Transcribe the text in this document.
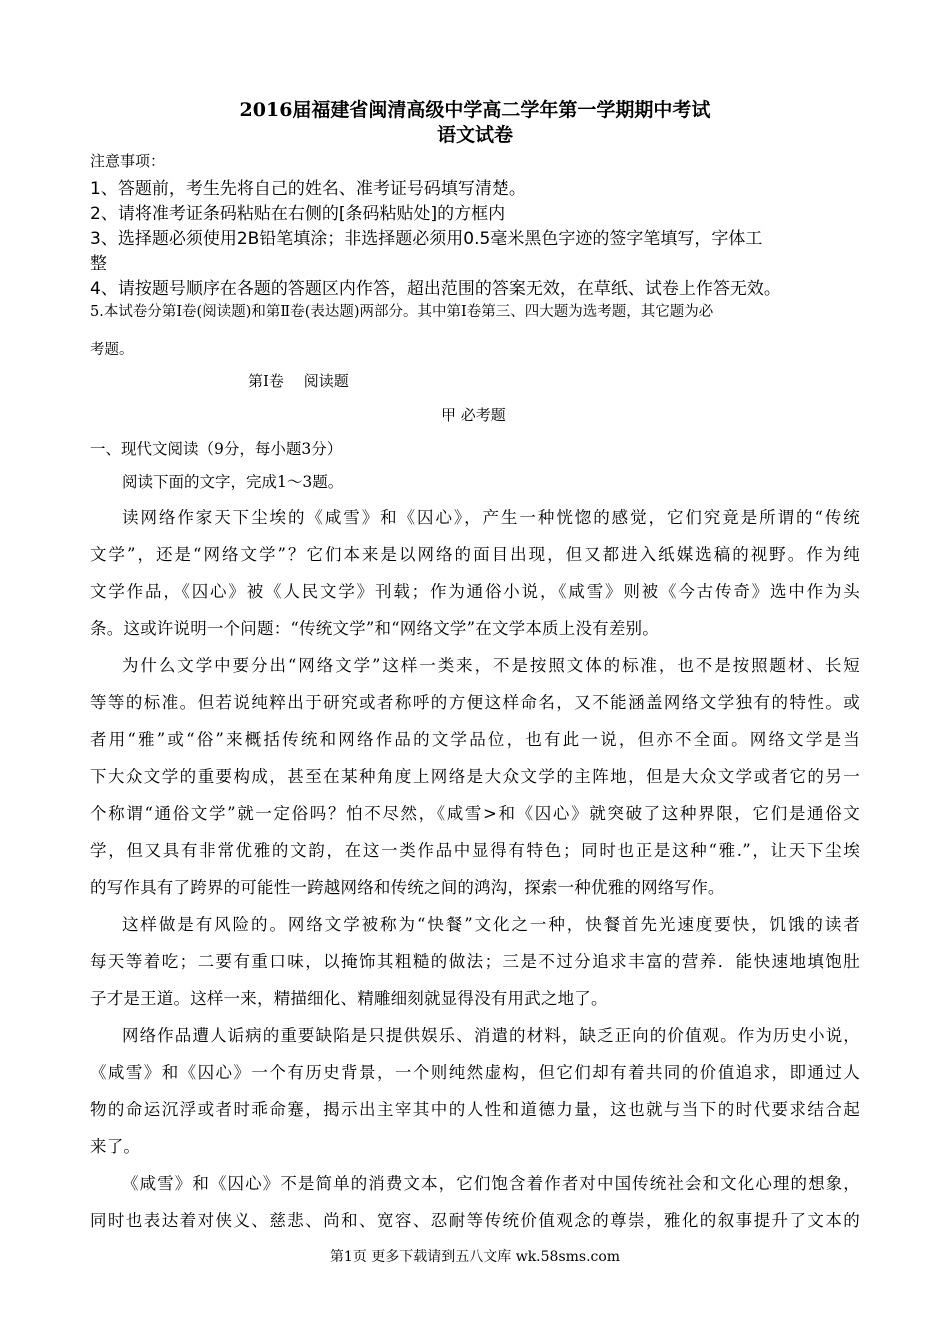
2016届福建省闽清高级中学高二学年第一学期期中考试
语文试卷
注意事项：
1、答题前，考生先将自己的姓名、准考证号码填写清楚。
2、请将准考证条码粘贴在右侧的[条码粘贴处]的方框内
3、选择题必须使用2B铅笔填涂；非选择题必须用0.5毫米黑色字迹的签字笔填写，字体工
整
4、请按题号顺序在各题的答题区内作答，超出范围的答案无效，在草纸、试卷上作答无效。
5.本试卷分第Ⅰ卷(阅读题)和第Ⅱ卷(表达题)两部分。其中第Ⅰ卷第三、四大题为选考题，其它题为必
考题。
第Ⅰ卷　 阅读题
甲 必考题
一、现代文阅读（9分，每小题3分）
阅读下面的文字，完成1～3题。
读网络作家天下尘埃的《咸雪》和《囚心》，产生一种恍惚的感觉，它们究竟是所谓的“传统
文学”，还是“网络文学”？它们本来是以网络的面目出现，但又都进入纸媒选稿的视野。作为纯
文学作品，《囚心》被《人民文学》刊载；作为通俗小说，《咸雪》则被《今古传奇》选中作为头
条。这或许说明一个问题：“传统文学”和“网络文学”在文学本质上没有差别。
为什么文学中要分出“网络文学”这样一类来，不是按照文体的标准，也不是按照题材、长短
等等的标准。但若说纯粹出于研究或者称呼的方便这样命名，又不能涵盖网络文学独有的特性。或
者用“雅”或“俗”来概括传统和网络作品的文学品位，也有此一说，但亦不全面。网络文学是当
下大众文学的重要构成，甚至在某种角度上网络是大众文学的主阵地，但是大众文学或者它的另一
个称谓“通俗文学”就一定俗吗？怕不尽然，《咸雪>和《囚心》就突破了这种界限，它们是通俗文
学，但又具有非常优雅的文韵，在这一类作品中显得有特色；同时也正是这种“雅.”，让天下尘埃
的写作具有了跨界的可能性一跨越网络和传统之间的鸿沟，探索一种优雅的网络写作。
这样做是有风险的。网络文学被称为“快餐”文化之一种，快餐首先光速度要快，饥饿的读者
每天等着吃；二要有重口味，以掩饰其粗糙的做法；三是不过分追求丰富的营养．能快速地填饱肚
子才是王道。这样一来，精描细化、精雕细刻就显得没有用武之地了。
网络作品遭人诟病的重要缺陷是只提供娱乐、消遣的材料，缺乏正向的价值观。作为历史小说，
《咸雪》和《囚心》一个有历史背景，一个则纯然虚构，但它们却有着共同的价值追求，即通过人
物的命运沉浮或者时乖命蹇，揭示出主宰其中的人性和道德力量，这也就与当下的时代要求结合起
来了。
《咸雪》和《囚心》不是简单的消费文本，它们饱含着作者对中国传统社会和文化心理的想象，
同时也表达着对侠义、慈悲、尚和、宽容、忍耐等传统价值观念的尊崇，雅化的叙事提升了文本的
第1页 更多下载请到五八文库 wk.58sms.com
